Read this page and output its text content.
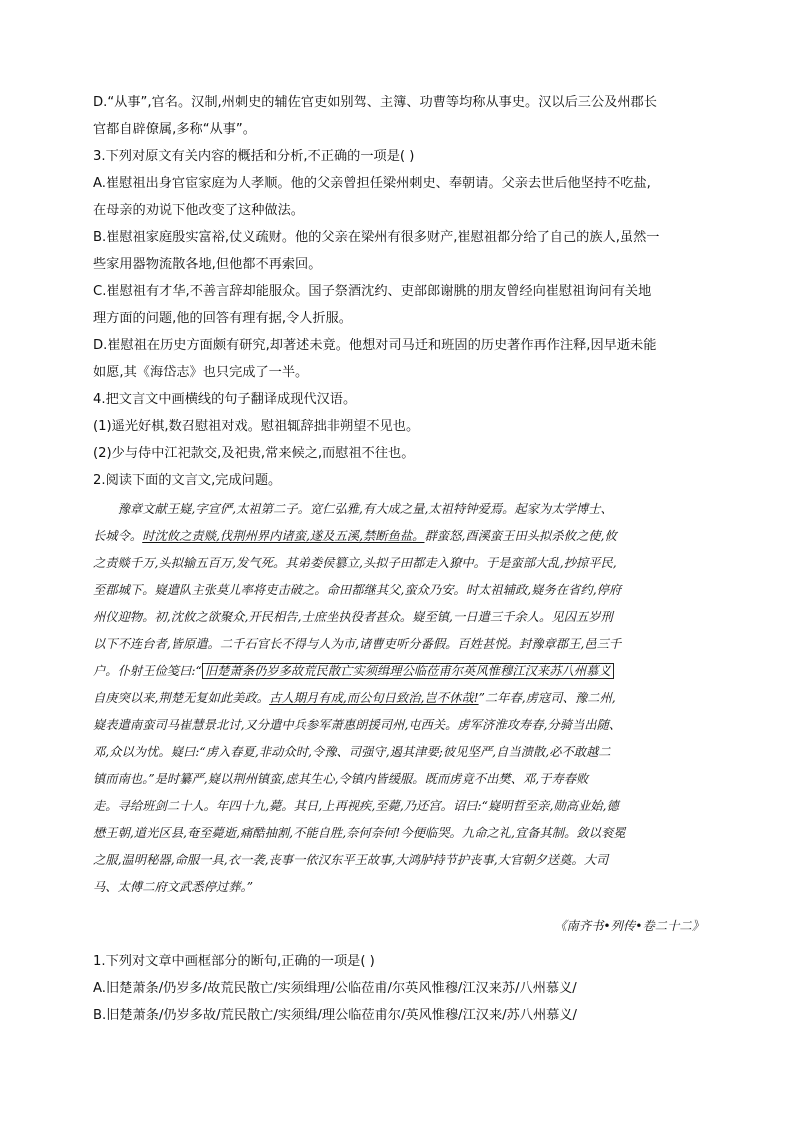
D.“从事”,官名。汉制,州刺史的辅佐官吏如别驾、主簿、功曹等均称从事史。汉以后三公及州郡长
官都自辟僚属,多称“从事”。
3.下列对原文有关内容的概括和分析,不正确的一项是( )
A.崔慰祖出身官宦家庭为人孝顺。他的父亲曾担任梁州刺史、奉朝请。父亲去世后他坚持不吃盐,
在母亲的劝说下他改变了这种做法。
B.崔慰祖家庭殷实富裕,仗义疏财。他的父亲在梁州有很多财产,崔慰祖都分给了自己的族人,虽然一
些家用器物流散各地,但他都不再索回。
C.崔慰祖有才华,不善言辞却能服众。国子祭酒沈约、吏部郎谢朓的朋友曾经向崔慰祖询问有关地
理方面的问题,他的回答有理有据,令人折服。
D.崔慰祖在历史方面颇有研究,却著述未竟。他想对司马迁和班固的历史著作再作注释,因早逝未能
如愿,其《海岱志》也只完成了一半。
4.把文言文中画横线的句子翻译成现代汉语。
(1)遥光好棋,数召慰祖对戏。慰祖辄辞拙非朔望不见也。
(2)少与侍中江祀款交,及祀贵,常来候之,而慰祖不往也。
2.阅读下面的文言文,完成问题。
　　豫章文献王嶷,字宣俨,太祖第二子。宽仁弘雅,有大成之量,太祖特钟爱焉。起家为太学博士、
长城令。时沈攸之责赕,伐荆州界内诸蛮,遂及五溪,禁断鱼盐。群蛮怒,酉溪蛮王田头拟杀攸之使,攸
之责赕千万,头拟输五百万,发气死。其弟娄侯篡立,头拟子田都走入獠中。于是蛮部大乱,抄掠平民,
至郡城下。嶷遣队主张莫儿率将吏击破之。命田都继其父,蛮众乃安。时太祖辅政,嶷务在省约,停府
州仪迎物。初,沈攸之欲聚众,开民相告,士庶坐执役者甚众。嶷至镇,一日遣三千余人。见囚五岁刑
以下不连台者,皆原遣。二千石官长不得与人为市,诸曹吏听分番假。百姓甚悦。封豫章郡王,邑三千
户。仆射王俭笺曰:“ 旧楚萧条仍岁多故荒民散亡实须缉理公临莅甫尔英风惟穆江汉来苏八州慕义
自庚突以来,荆楚无复如此美政。古人期月有成,而公旬日致治,岂不休哉!”二年春,虏寇司、豫二州,
嶷表遣南蛮司马崔慧景北讨,又分遣中兵参军萧惠朗援司州,屯西关。虏军济淮攻寿春,分骑当出随、
邓,众以为忧。嶷曰:“虏入春夏,非动众时,令豫、司强守,遏其津要;彼见坚严,自当溃散,必不敢越二
镇而南也。”是时纂严,嶷以荆州镇蛮,虑其生心,令镇内皆缓服。既而虏竟不出樊、邓,于寿春败
走。寻给班剑二十人。年四十九,薨。其日,上再视疾,至薨,乃还宫。诏曰:“嶷明哲至亲,勋高业始,德
懋王朝,道光区县,奄至薨逝,痛酷抽割,不能自胜,奈何奈何!今便临哭。九命之礼,宜备其制。敛以衮冕
之服,温明秘器,命服一具,衣一袭,丧事一依汉东平王故事,大鸿胪持节护丧事,大官朝夕送奠。大司
马、太傅二府文武悉停过葬。”
《南齐书•列传•卷二十二》
1.下列对文章中画框部分的断句,正确的一项是( )
A.旧楚萧条/仍岁多/故荒民散亡/实须缉理/公临莅甫/尔英风惟穆/江汉来苏/八州慕义/
B.旧楚萧条/仍岁多故/荒民散亡/实须缉/理公临莅甫尔/英风惟穆/江汉来/苏八州慕义/
